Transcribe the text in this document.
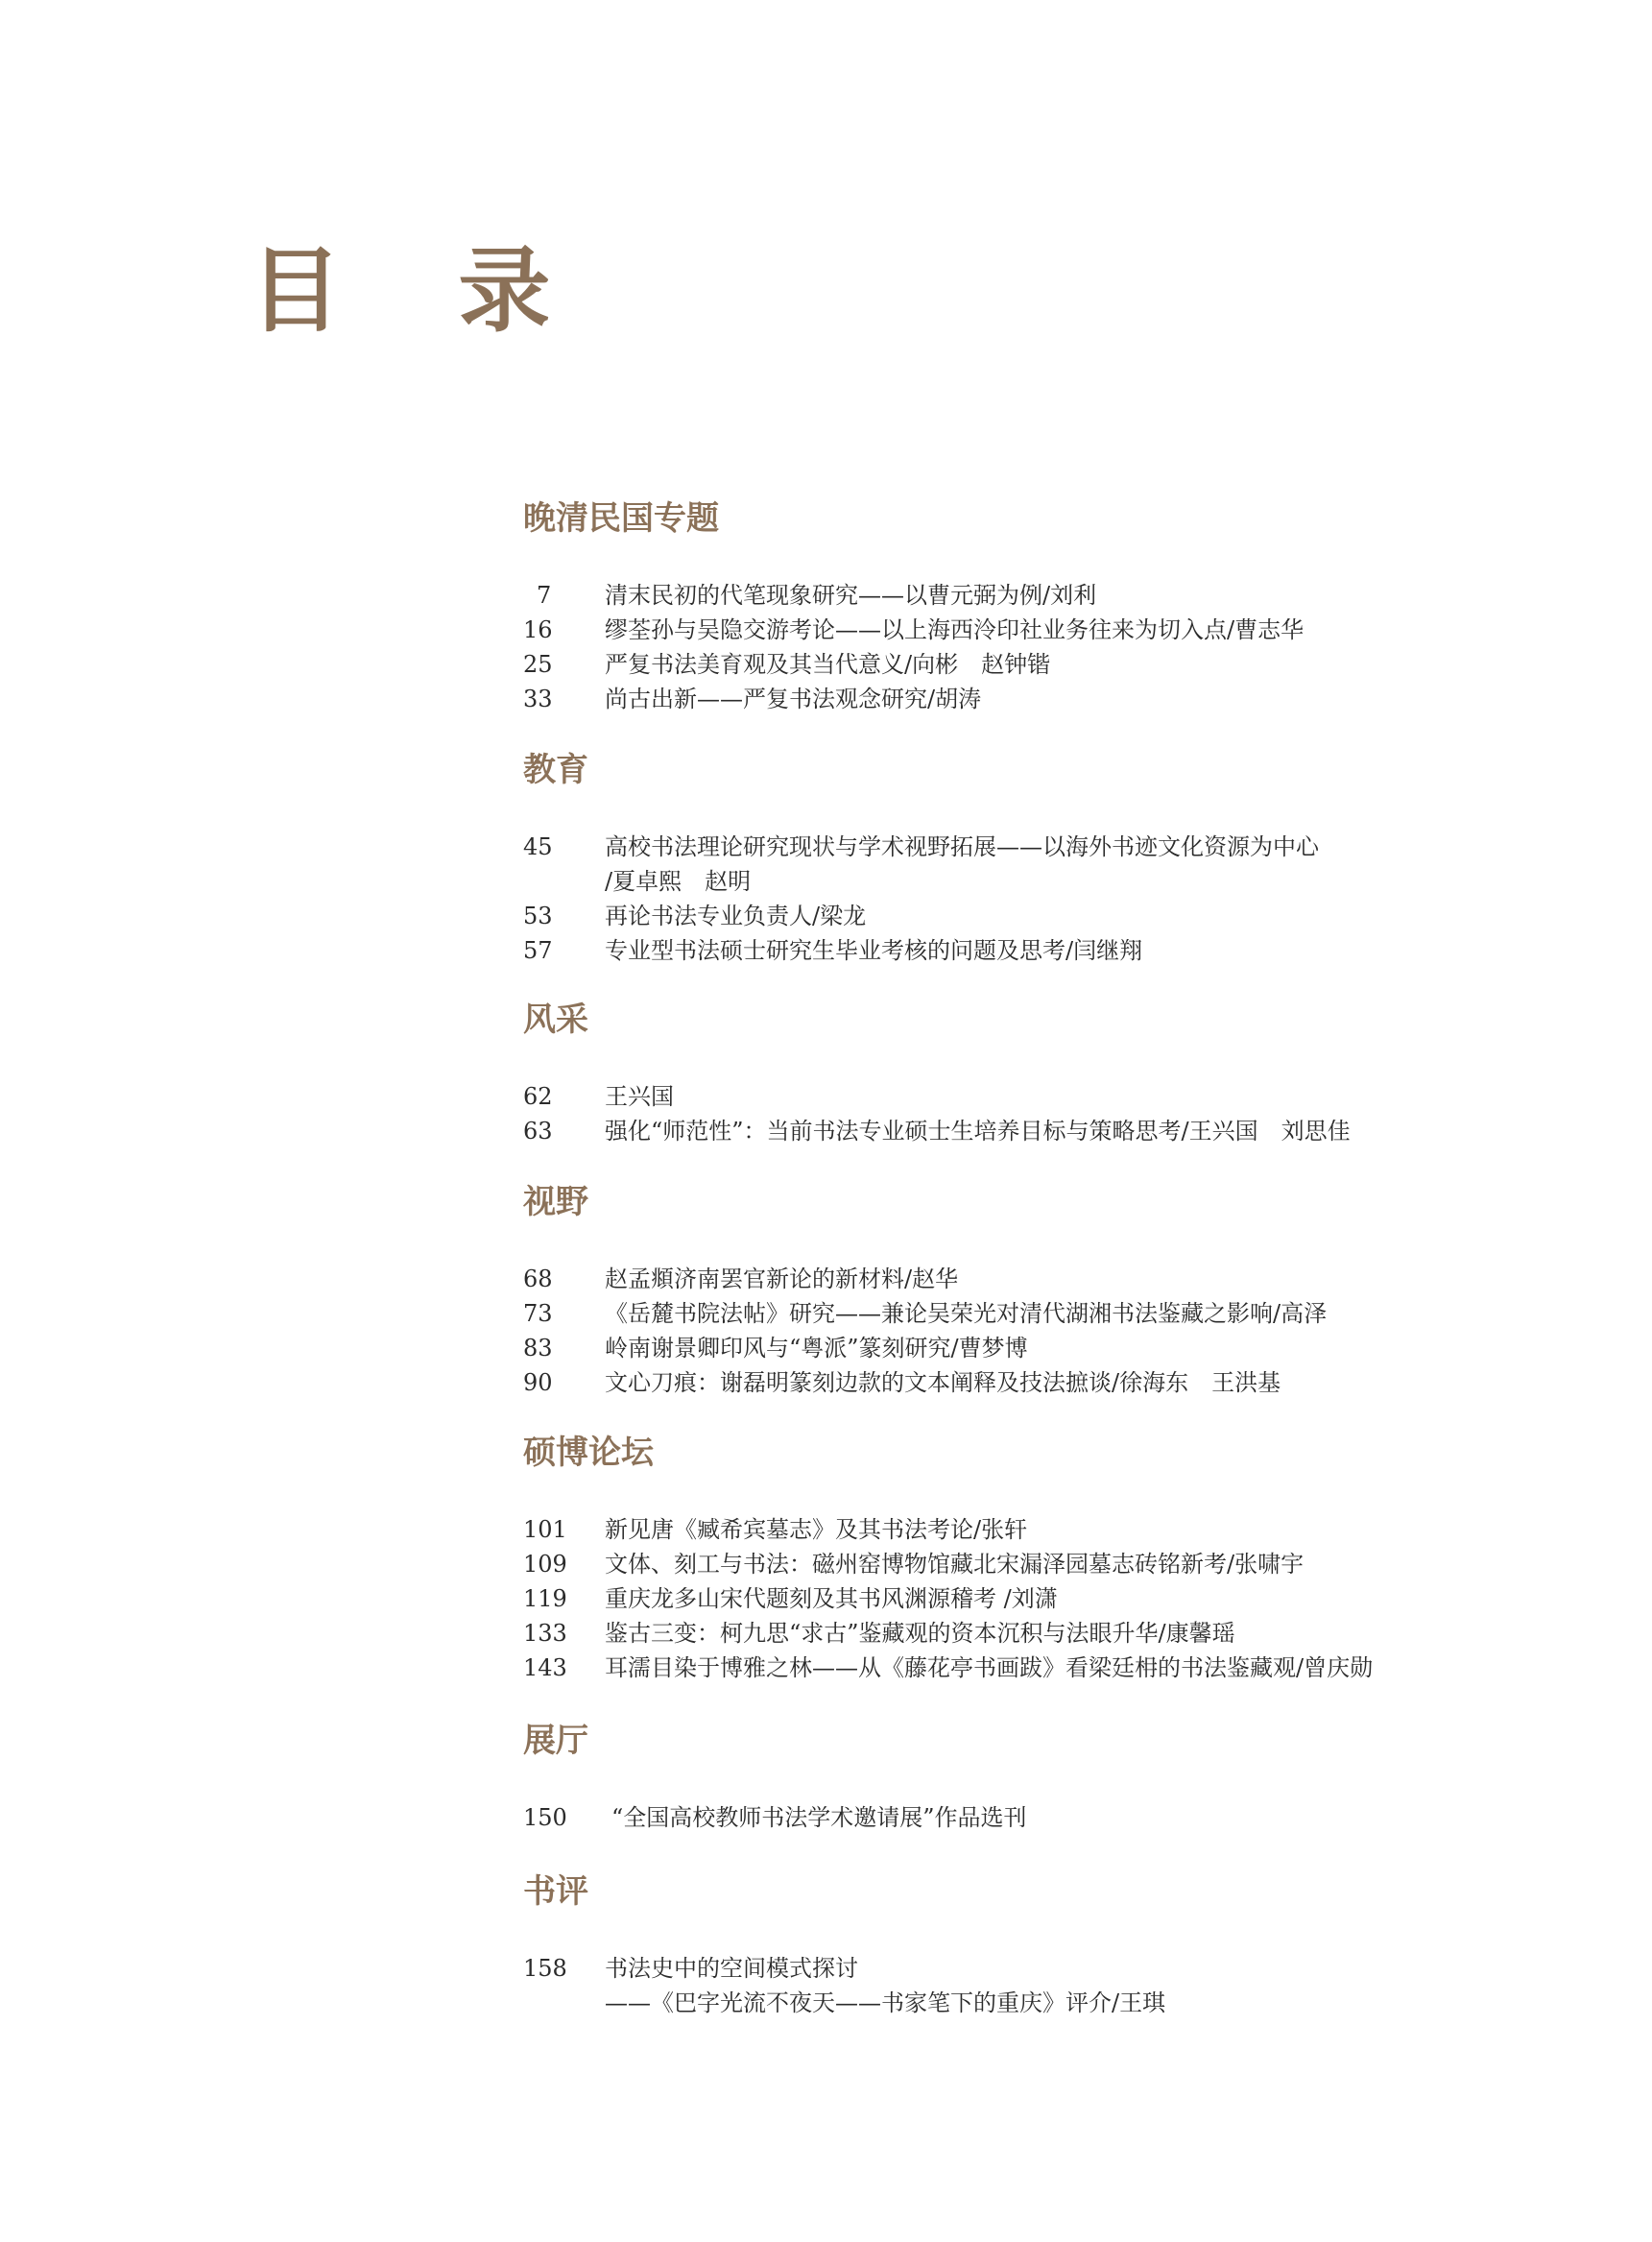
目 录
晚清民国专题
7	清末民初的代笔现象研究——以曹元弼为例/刘利
16	缪荃孙与吴隐交游考论——以上海西泠印社业务往来为切入点/曹志华
25	严复书法美育观及其当代意义/向彬　赵钟锴
33	尚古出新——严复书法观念研究/胡涛
教育
45	高校书法理论研究现状与学术视野拓展——以海外书迹文化资源为中心
/夏卓熙　赵明
53	再论书法专业负责人/梁龙
57	专业型书法硕士研究生毕业考核的问题及思考/闫继翔
风采
62	王兴国
63	强化“师范性”：当前书法专业硕士生培养目标与策略思考/王兴国　刘思佳
视野
68	赵孟頫济南罢官新论的新材料/赵华
73	《岳麓书院法帖》研究——兼论吴荣光对清代湖湘书法鉴藏之影响/高泽
83	岭南谢景卿印风与“粤派”篆刻研究/曹梦博
90	文心刀痕：谢磊明篆刻边款的文本阐释及技法摭谈/徐海东　王洪基
硕博论坛
101	新见唐《臧希宾墓志》及其书法考论/张轩
109	文体、刻工与书法：磁州窑博物馆藏北宋漏泽园墓志砖铭新考/张啸宇
119	重庆龙多山宋代题刻及其书风渊源稽考 /刘潇
133	鉴古三变：柯九思“求古”鉴藏观的资本沉积与法眼升华/康馨瑶
143	耳濡目染于博雅之林——从《藤花亭书画跋》看梁廷枏的书法鉴藏观/曾庆勋
展厅
150	“全国高校教师书法学术邀请展”作品选刊
书评
158	书法史中的空间模式探讨
——《巴字光流不夜天——书家笔下的重庆》评介/王琪
